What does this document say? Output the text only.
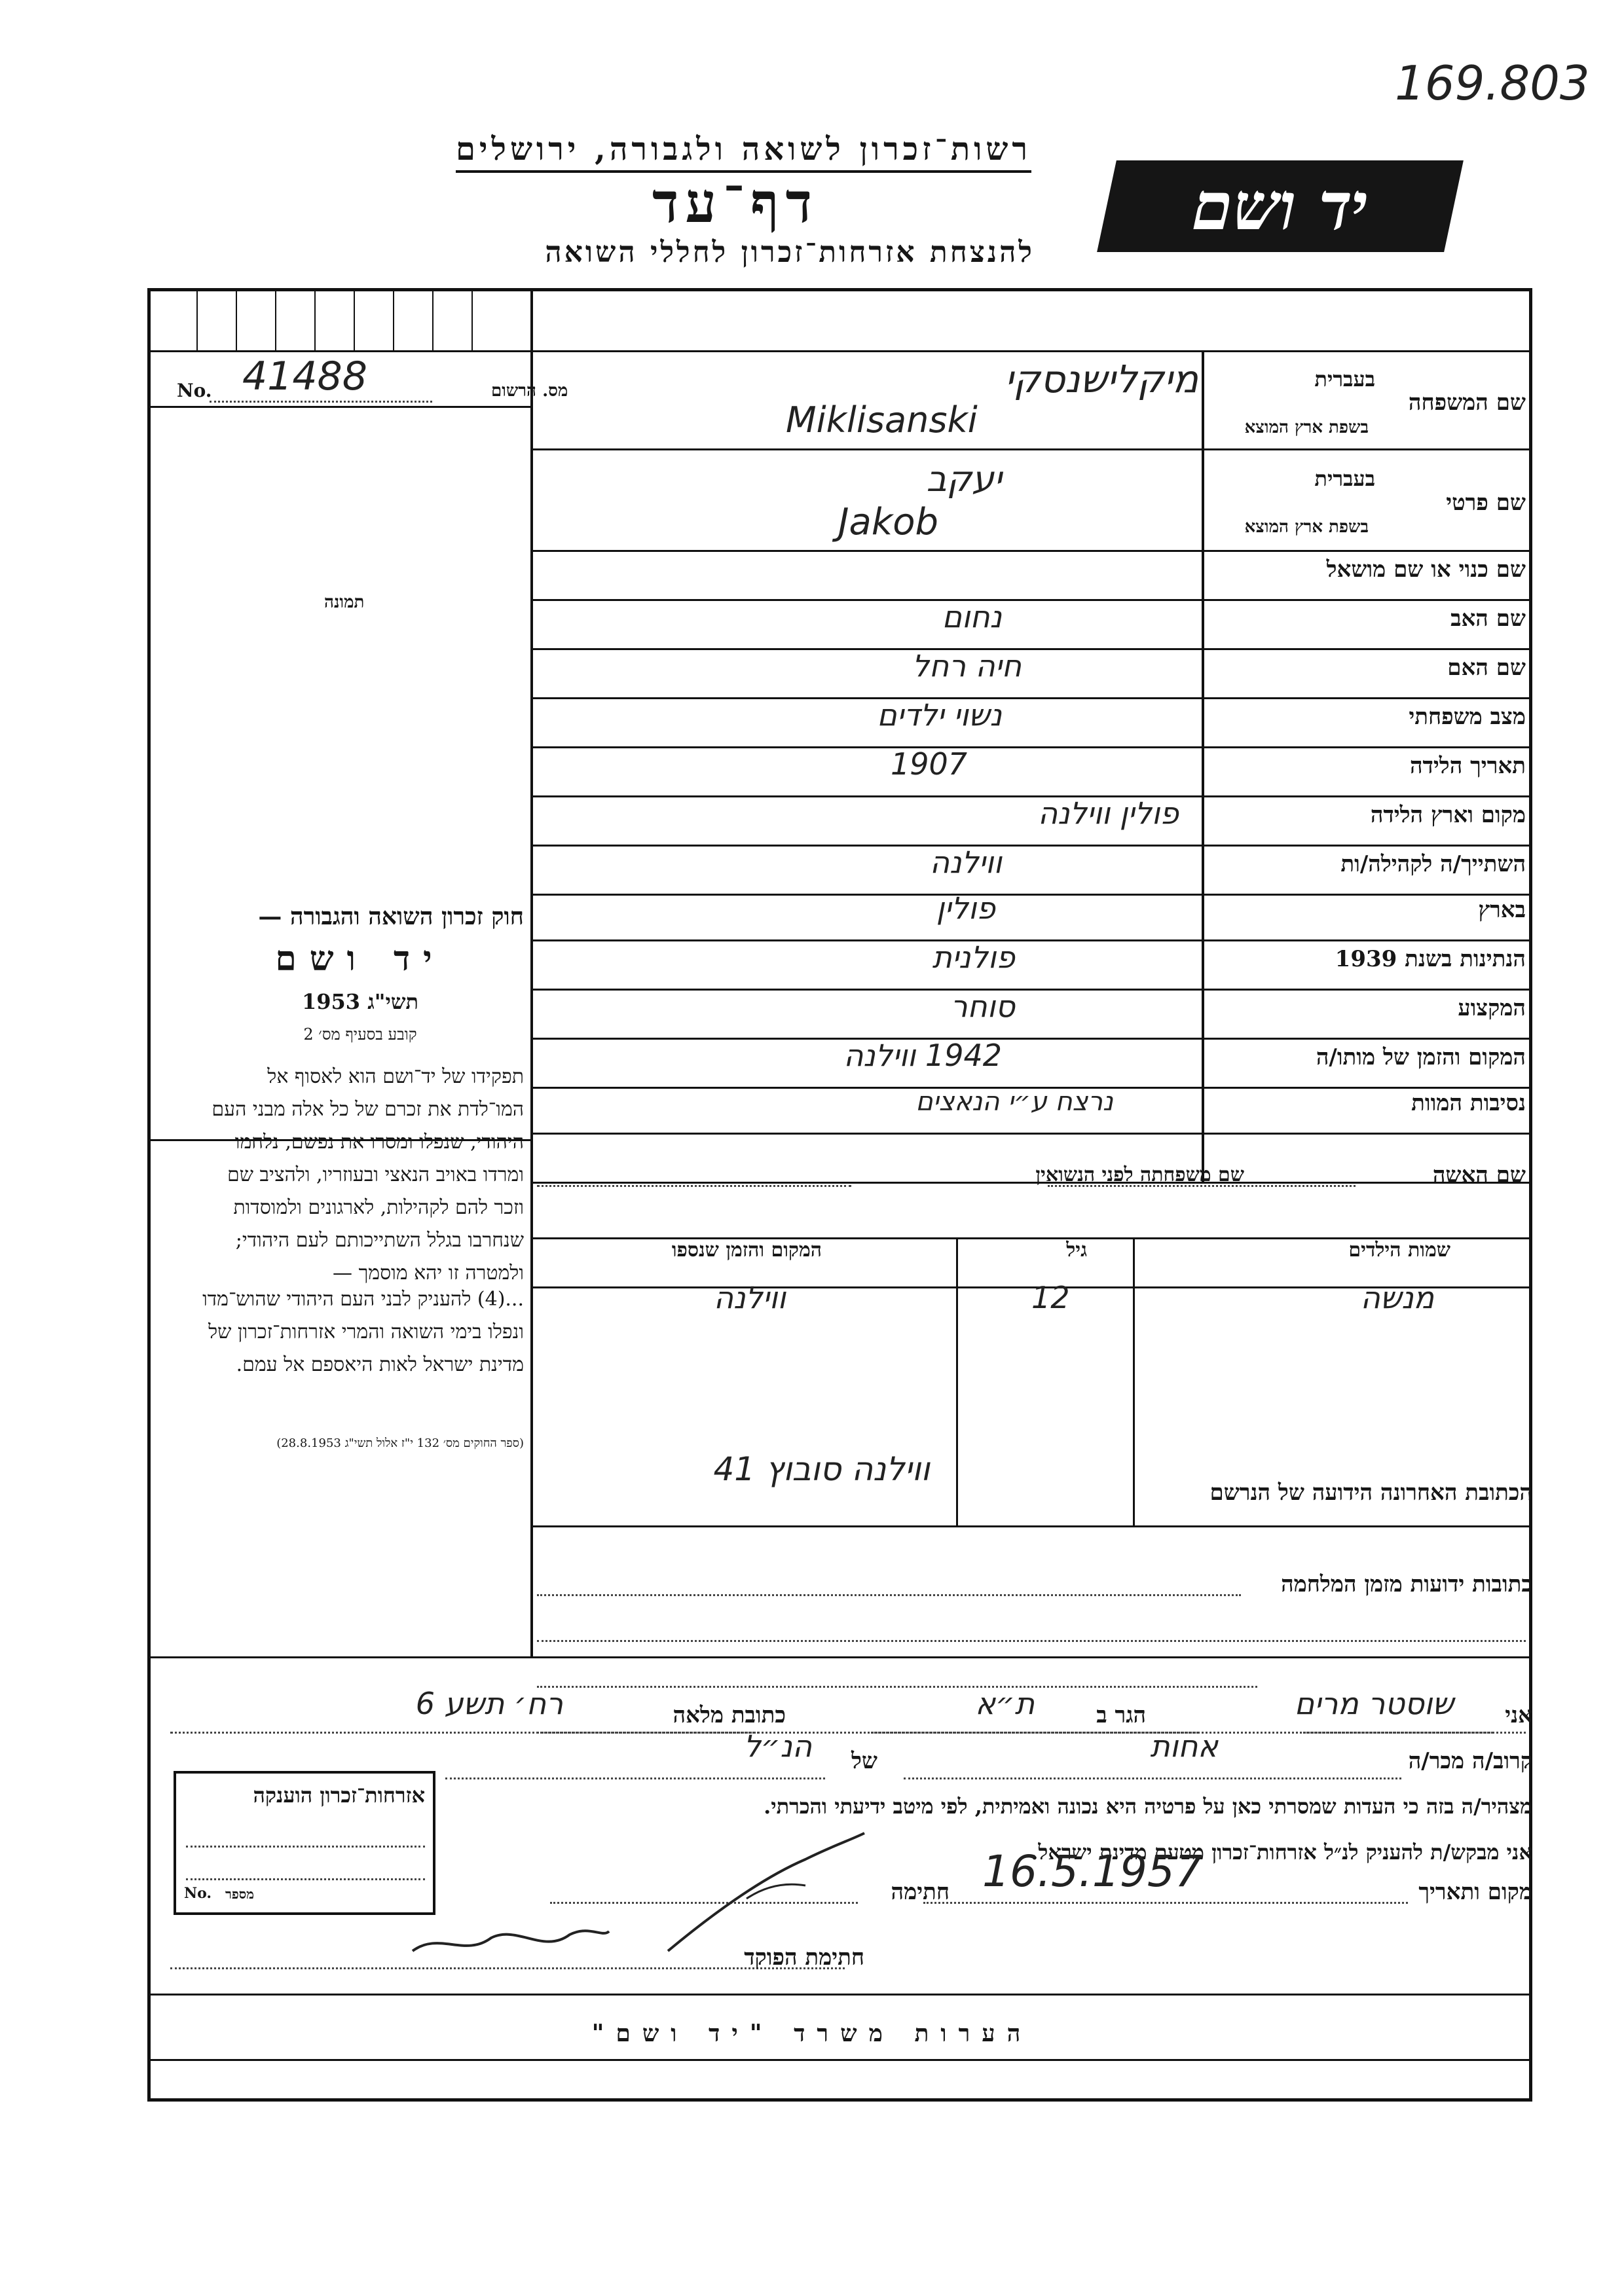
169.803
רשות־זכרון לשואה ולגבורה, ירושלים
דף־עד
להנצחת אזרחות־זכרון לחללי השואה
יד ושם
No.	מס. הרשום
41488
תמונה
חוק זכרון השואה והגבורה —
יד ושם
תשי"ג 1953
קובע בסעיף מס׳ 2
תפקידו של יד־ושם הוא לאסוף אל המו־לדת את זכרם של כל אלה מבני העם היהודי, שנפלו ומסרו את נפשם, נלחמו ומרדו באויב הנאצי ובעוזריו, ולהציב שם וזכר להם לקהילות, לארגונים ולמוסדות שנחרבו בגלל השתייכותם לעם היהודי; ולמטרה זו יהא מוסמך —
...(4) להעניק לבני העם היהודי שהוש־מדו ונפלו בימי השואה והמרי אזרחות־זכרון של מדינת ישראל לאות היאספם אל עמם.
(ספר החוקים מס׳ 132 י"ז אלול תשי"ג 28.8.1953)
שם המשפחה
בעברית
בשפת ארץ המוצא
שם פרטי
בעברית
בשפת ארץ המוצא
שם כנוי או שם מושאל
שם האב
שם האם
מצב משפחתי
תאריך הלידה
מקום וארץ הלידה
השתייך/ה לקהילה/ות
בארץ
הנתינות בשנת 1939
המקצוע
המקום והזמן של מותו/ה
נסיבות המוות
מיקלישנסקי
Miklisanski
יעקב
Jakob
נחום
חיה רחל
נשוי ילדים
1907
פולין ווילנה
ווילנה
פולין
פולנית
סוחר
1942 ווילנה
נרצח ע״י הנאצים
שם האשה
שם משפחתה לפני הנשואין
שמות הילדים
גיל
המקום והזמן שנספו
מנשה
12
ווילנה
הכתובת האחרונה הידועה של הנרשם
ווילנה סובוץ 41
כתובות ידועות מזמן המלחמה
אני
שוסטר מרים
הגר ב
ת״א
כתובת מלאה
רח׳ תשע 6
קרוב/ה מכר/ה
אחות
של
הנ״ל
מצהיר/ה בזה כי העדות שמסרתי כאן על פרטיה היא נכונה ואמיתית, לפי מיטב ידיעתי והכרתי.
אני מבקש/ת להעניק לנ״ל אזרחות־זכרון מטעם מדינת ישראל.
מקום ותאריך
16.5.1957
חתימה
חתימת הפוקד
אזרחות־זכרון הוענקה
No. מספר
הערות משרד "יד ושם"
